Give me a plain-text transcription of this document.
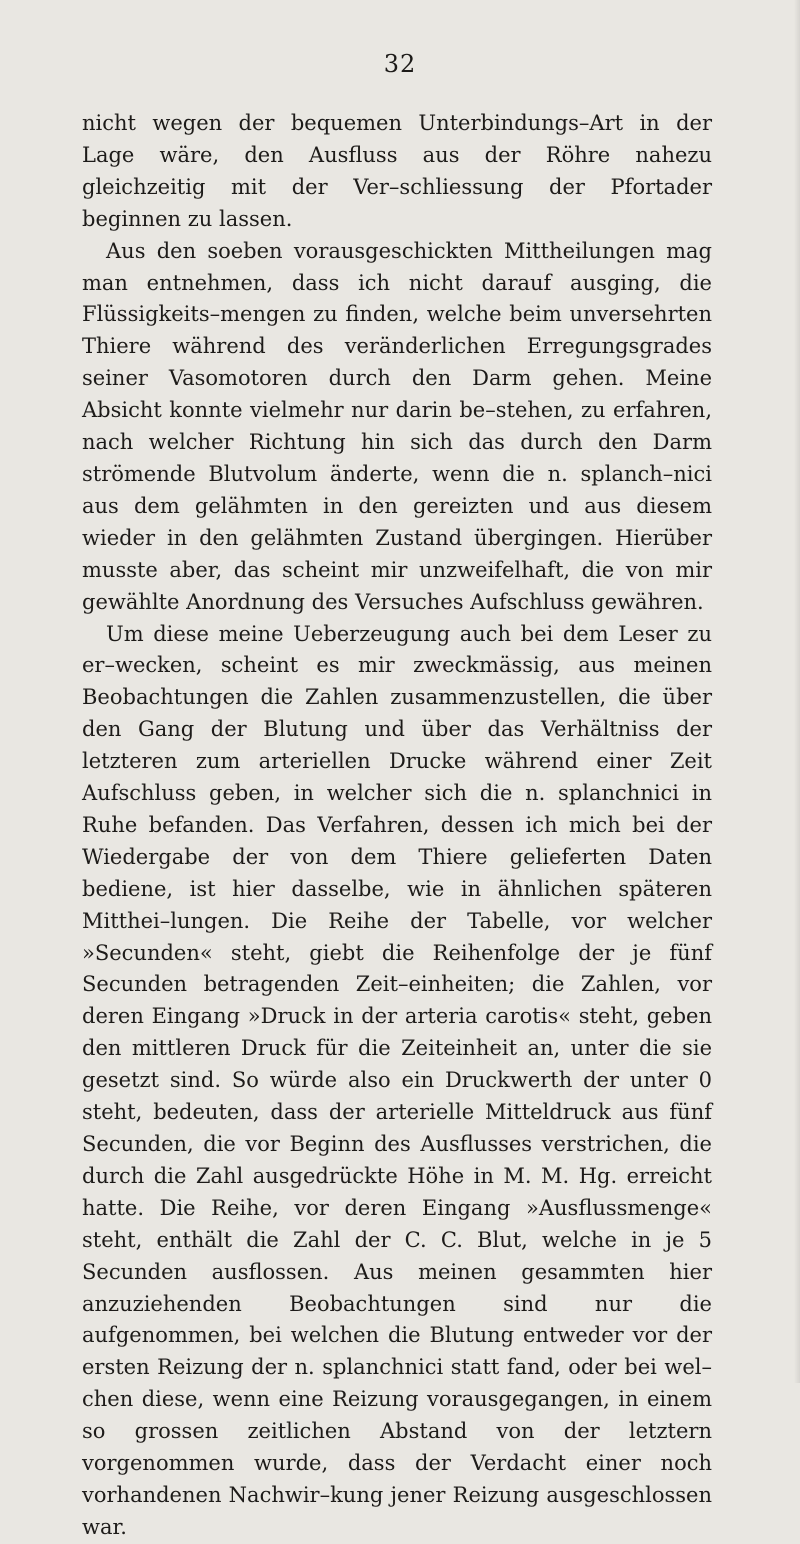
32

nicht wegen der bequemen Unterbindungs–Art in der Lage wäre, den Ausfluss aus der Röhre nahezu gleichzeitig mit der Ver–schliessung der Pfortader beginnen zu lassen.

Aus den soeben vorausgeschickten Mittheilungen mag man entnehmen, dass ich nicht darauf ausging, die Flüssigkeits–mengen zu finden, welche beim unversehrten Thiere während des veränderlichen Erregungsgrades seiner Vasomotoren durch den Darm gehen. Meine Absicht konnte vielmehr nur darin be–stehen, zu erfahren, nach welcher Richtung hin sich das durch den Darm strömende Blutvolum änderte, wenn die n. splanch–nici aus dem gelähmten in den gereizten und aus diesem wieder in den gelähmten Zustand übergingen. Hierüber musste aber, das scheint mir unzweifelhaft, die von mir gewählte Anordnung des Versuches Aufschluss gewähren.

Um diese meine Ueberzeugung auch bei dem Leser zu er–wecken, scheint es mir zweckmässig, aus meinen Beobachtungen die Zahlen zusammenzustellen, die über den Gang der Blutung und über das Verhältniss der letzteren zum arteriellen Drucke während einer Zeit Aufschluss geben, in welcher sich die n. splanchnici in Ruhe befanden. Das Verfahren, dessen ich mich bei der Wiedergabe der von dem Thiere gelieferten Daten bediene, ist hier dasselbe, wie in ähnlichen späteren Mitthei–lungen. Die Reihe der Tabelle, vor welcher »Secunden« steht, giebt die Reihenfolge der je fünf Secunden betragenden Zeit–einheiten; die Zahlen, vor deren Eingang »Druck in der arteria carotis« steht, geben den mittleren Druck für die Zeiteinheit an, unter die sie gesetzt sind. So würde also ein Druckwerth der unter 0 steht, bedeuten, dass der arterielle Mitteldruck aus fünf Secunden, die vor Beginn des Ausflusses verstrichen, die durch die Zahl ausgedrückte Höhe in M. M. Hg. erreicht hatte. Die Reihe, vor deren Eingang »Ausflussmenge« steht, enthält die Zahl der C. C. Blut, welche in je 5 Secunden ausflossen. Aus meinen gesammten hier anzuziehenden Beobachtungen sind nur die aufgenommen, bei welchen die Blutung entweder vor der ersten Reizung der n. splanchnici statt fand, oder bei wel–chen diese, wenn eine Reizung vorausgegangen, in einem so grossen zeitlichen Abstand von der letztern vorgenommen wurde, dass der Verdacht einer noch vorhandenen Nachwir–kung jener Reizung ausgeschlossen war.
